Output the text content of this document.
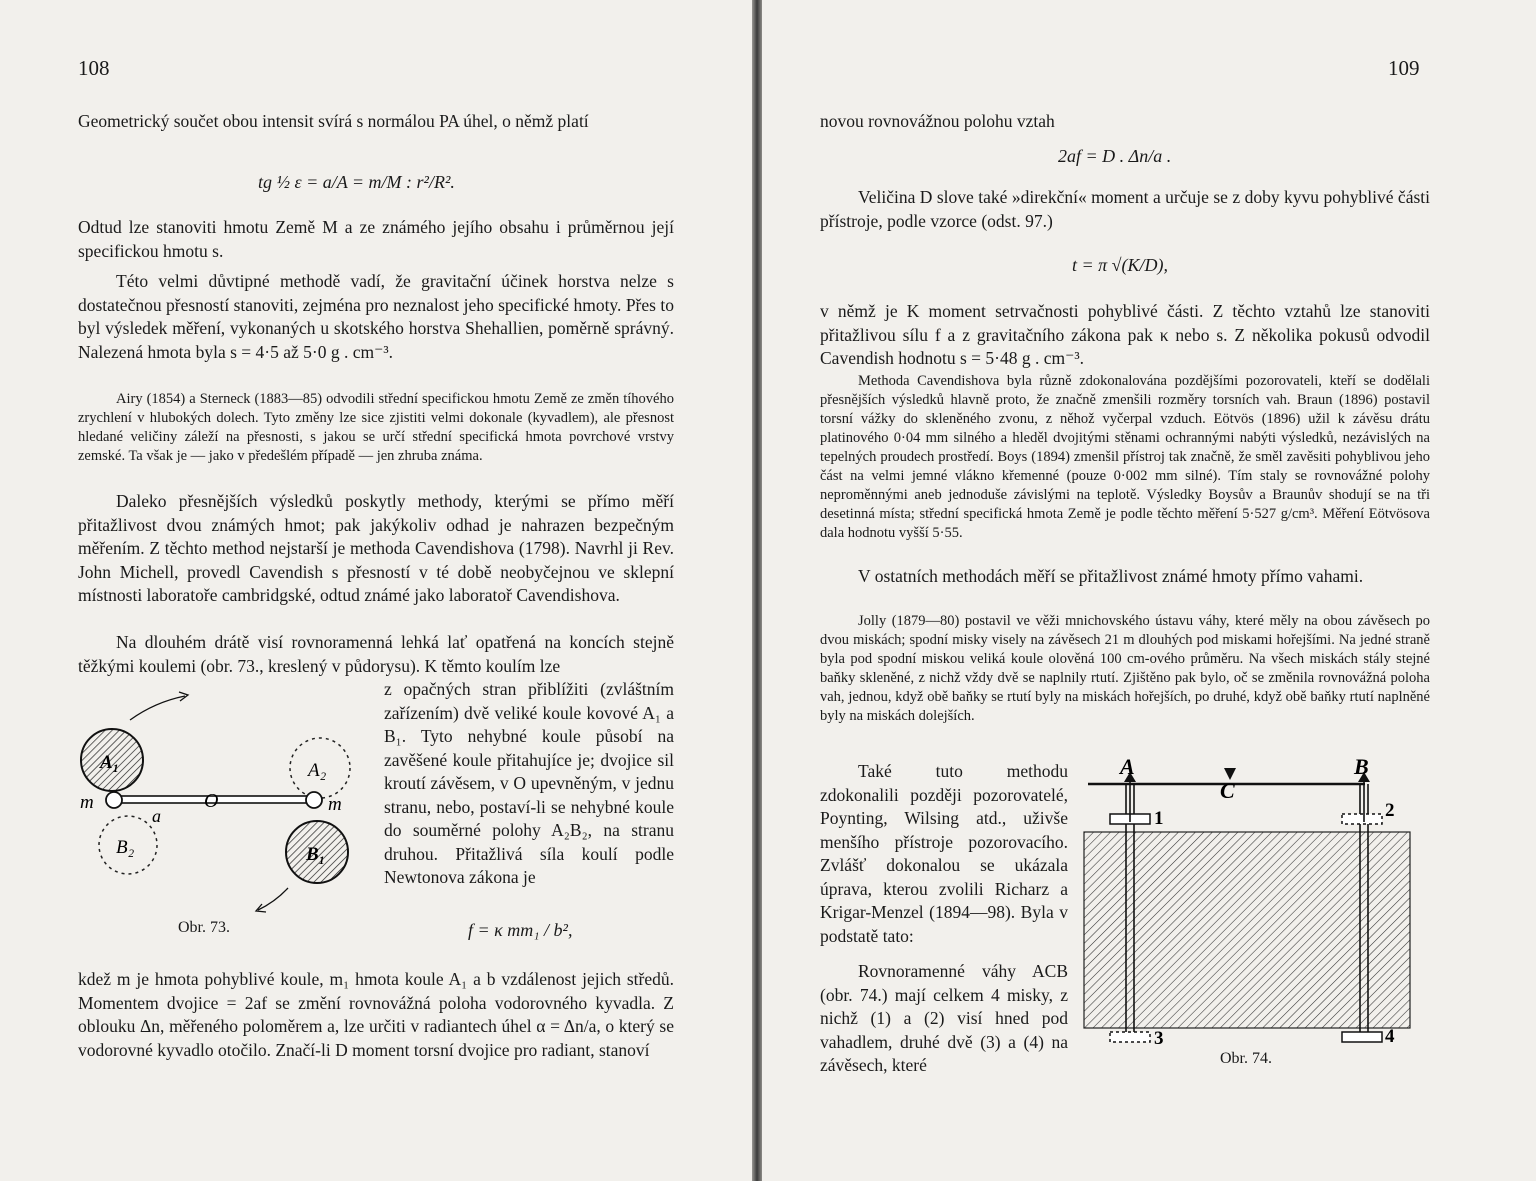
108
Geometrický součet obou intensit svírá s normálou PA úhel, o němž platí
tg ½ ε = a/A = m/M : r²/R².
Odtud lze stanoviti hmotu Země M a ze známého jejího obsahu i průměrnou její specifickou hmotu s.
Této velmi důvtipné methodě vadí, že gravitační účinek horstva nelze s dostatečnou přesností stanoviti, zejména pro neznalost jeho specifické hmoty. Přes to byl výsledek měření, vykonaných u skotského horstva Shehallien, poměrně správný. Nalezená hmota byla s = 4·5 až 5·0 g . cm⁻³.
Airy (1854) a Sterneck (1883—85) odvodili střední specifickou hmotu Země ze změn tíhového zrychlení v hlubokých dolech. Tyto změny lze sice zjistiti velmi dokonale (kyvadlem), ale přesnost hledané veličiny záleží na přesnosti, s jakou se určí střední specifická hmota povrchové vrstvy zemské. Ta však je — jako v předešlém případě — jen zhruba známa.
Daleko přesnějších výsledků poskytly methody, kterými se přímo měří přitažlivost dvou známých hmot; pak jakýkoliv odhad je nahrazen bezpečným měřením. Z těchto method nejstarší je methoda Cavendishova (1798). Navrhl ji Rev. John Michell, provedl Cavendish s přesností v té době neobyčejnou ve sklepní místnosti laboratoře cambridgské, odtud známé jako laboratoř Cavendishova.
Na dlouhém drátě visí rovnoramenná lehká lať opatřená na koncích stejně těžkými koulemi (obr. 73., kreslený v půdorysu). K těmto koulím lze
z opačných stran přiblížiti (zvláštním zařízením) dvě veliké koule kovové A₁ a B₁. Tyto nehybné koule působí na zavěšené koule přitahujíce je; dvojice sil kroutí závěsem, v O upevněným, v jednu stranu, nebo, postaví-li se nehybné koule do souměrné polohy A₂B₂, na stranu druhou. Přitažlivá síla koulí podle Newtonova zákona je
f = κ mm₁ / b²,
A₁	A₂
B₂	B₁
m	m
a
O
Obr. 73.
kdež m je hmota pohyblivé koule, m₁ hmota koule A₁ a b vzdálenost jejich středů. Momentem dvojice = 2af se změní rovnovážná poloha vodorovného kyvadla. Z oblouku Δn, měřeného poloměrem a, lze určiti v radiantech úhel α = Δn/a, o který se vodorovné kyvadlo otočilo. Značí-li D moment torsní dvojice pro radiant, stanoví
109
novou rovnovážnou polohu vztah
2af = D . Δn/a .
Veličina D slove také »direkční« moment a určuje se z doby kyvu pohyblivé části přístroje, podle vzorce (odst. 97.)
t = π √(K/D),
v němž je K moment setrvačnosti pohyblivé části. Z těchto vztahů lze stanoviti přitažlivou sílu f a z gravitačního zákona pak κ nebo s. Z několika pokusů odvodil Cavendish hodnotu s = 5·48 g . cm⁻³.
Methoda Cavendishova byla různě zdokonalována pozdějšími pozorovateli, kteří se dodělali přesnějších výsledků hlavně proto, že značně zmenšili rozměry torsních vah. Braun (1896) postavil torsní vážky do skleněného zvonu, z něhož vyčerpal vzduch. Eötvös (1896) užil k závěsu drátu platinového 0·04 mm silného a hleděl dvojitými stěnami ochrannými nabýti výsledků, nezávislých na tepelných proudech prostředí. Boys (1894) zmenšil přístroj tak značně, že směl zavěsiti pohyblivou jeho část na velmi jemné vlákno křemenné (pouze 0·002 mm silné). Tím staly se rovnovážné polohy neproměnnými aneb jednoduše závislými na teplotě. Výsledky Boysův a Braunův shodují se na tři desetinná místa; střední specifická hmota Země je podle těchto měření 5·527 g/cm³. Měření Eötvösova dala hodnotu vyšší 5·55.
V ostatních methodách měří se přitažlivost známé hmoty přímo vahami.
Jolly (1879—80) postavil ve věži mnichovského ústavu váhy, které měly na obou závěsech po dvou miskách; spodní misky visely na závěsech 21 m dlouhých pod miskami hořejšími. Na jedné straně byla pod spodní miskou veliká koule olověná 100 cm-ového průměru. Na všech miskách stály stejné baňky skleněné, z nichž vždy dvě se naplnily rtutí. Zjištěno pak bylo, oč se změnila rovnovážná poloha vah, jednou, když obě baňky se rtutí byly na miskách hořejších, po druhé, když obě baňky rtutí naplněné byly na miskách dolejších.
Také tuto methodu zdokonalili později pozorovatelé, Poynting, Wilsing atd., uživše menšího přístroje pozorovacího. Zvlášť dokonalou se ukázala úprava, kterou zvolili Richarz a Krigar-Menzel (1894—98). Byla v podstatě tato:
Rovnoramenné váhy ACB (obr. 74.) mají celkem 4 misky, z nichž (1) a (2) visí hned pod vahadlem, druhé dvě (3) a (4) na závěsech, které
A	B
C
1	2
3	4
Obr. 74.
